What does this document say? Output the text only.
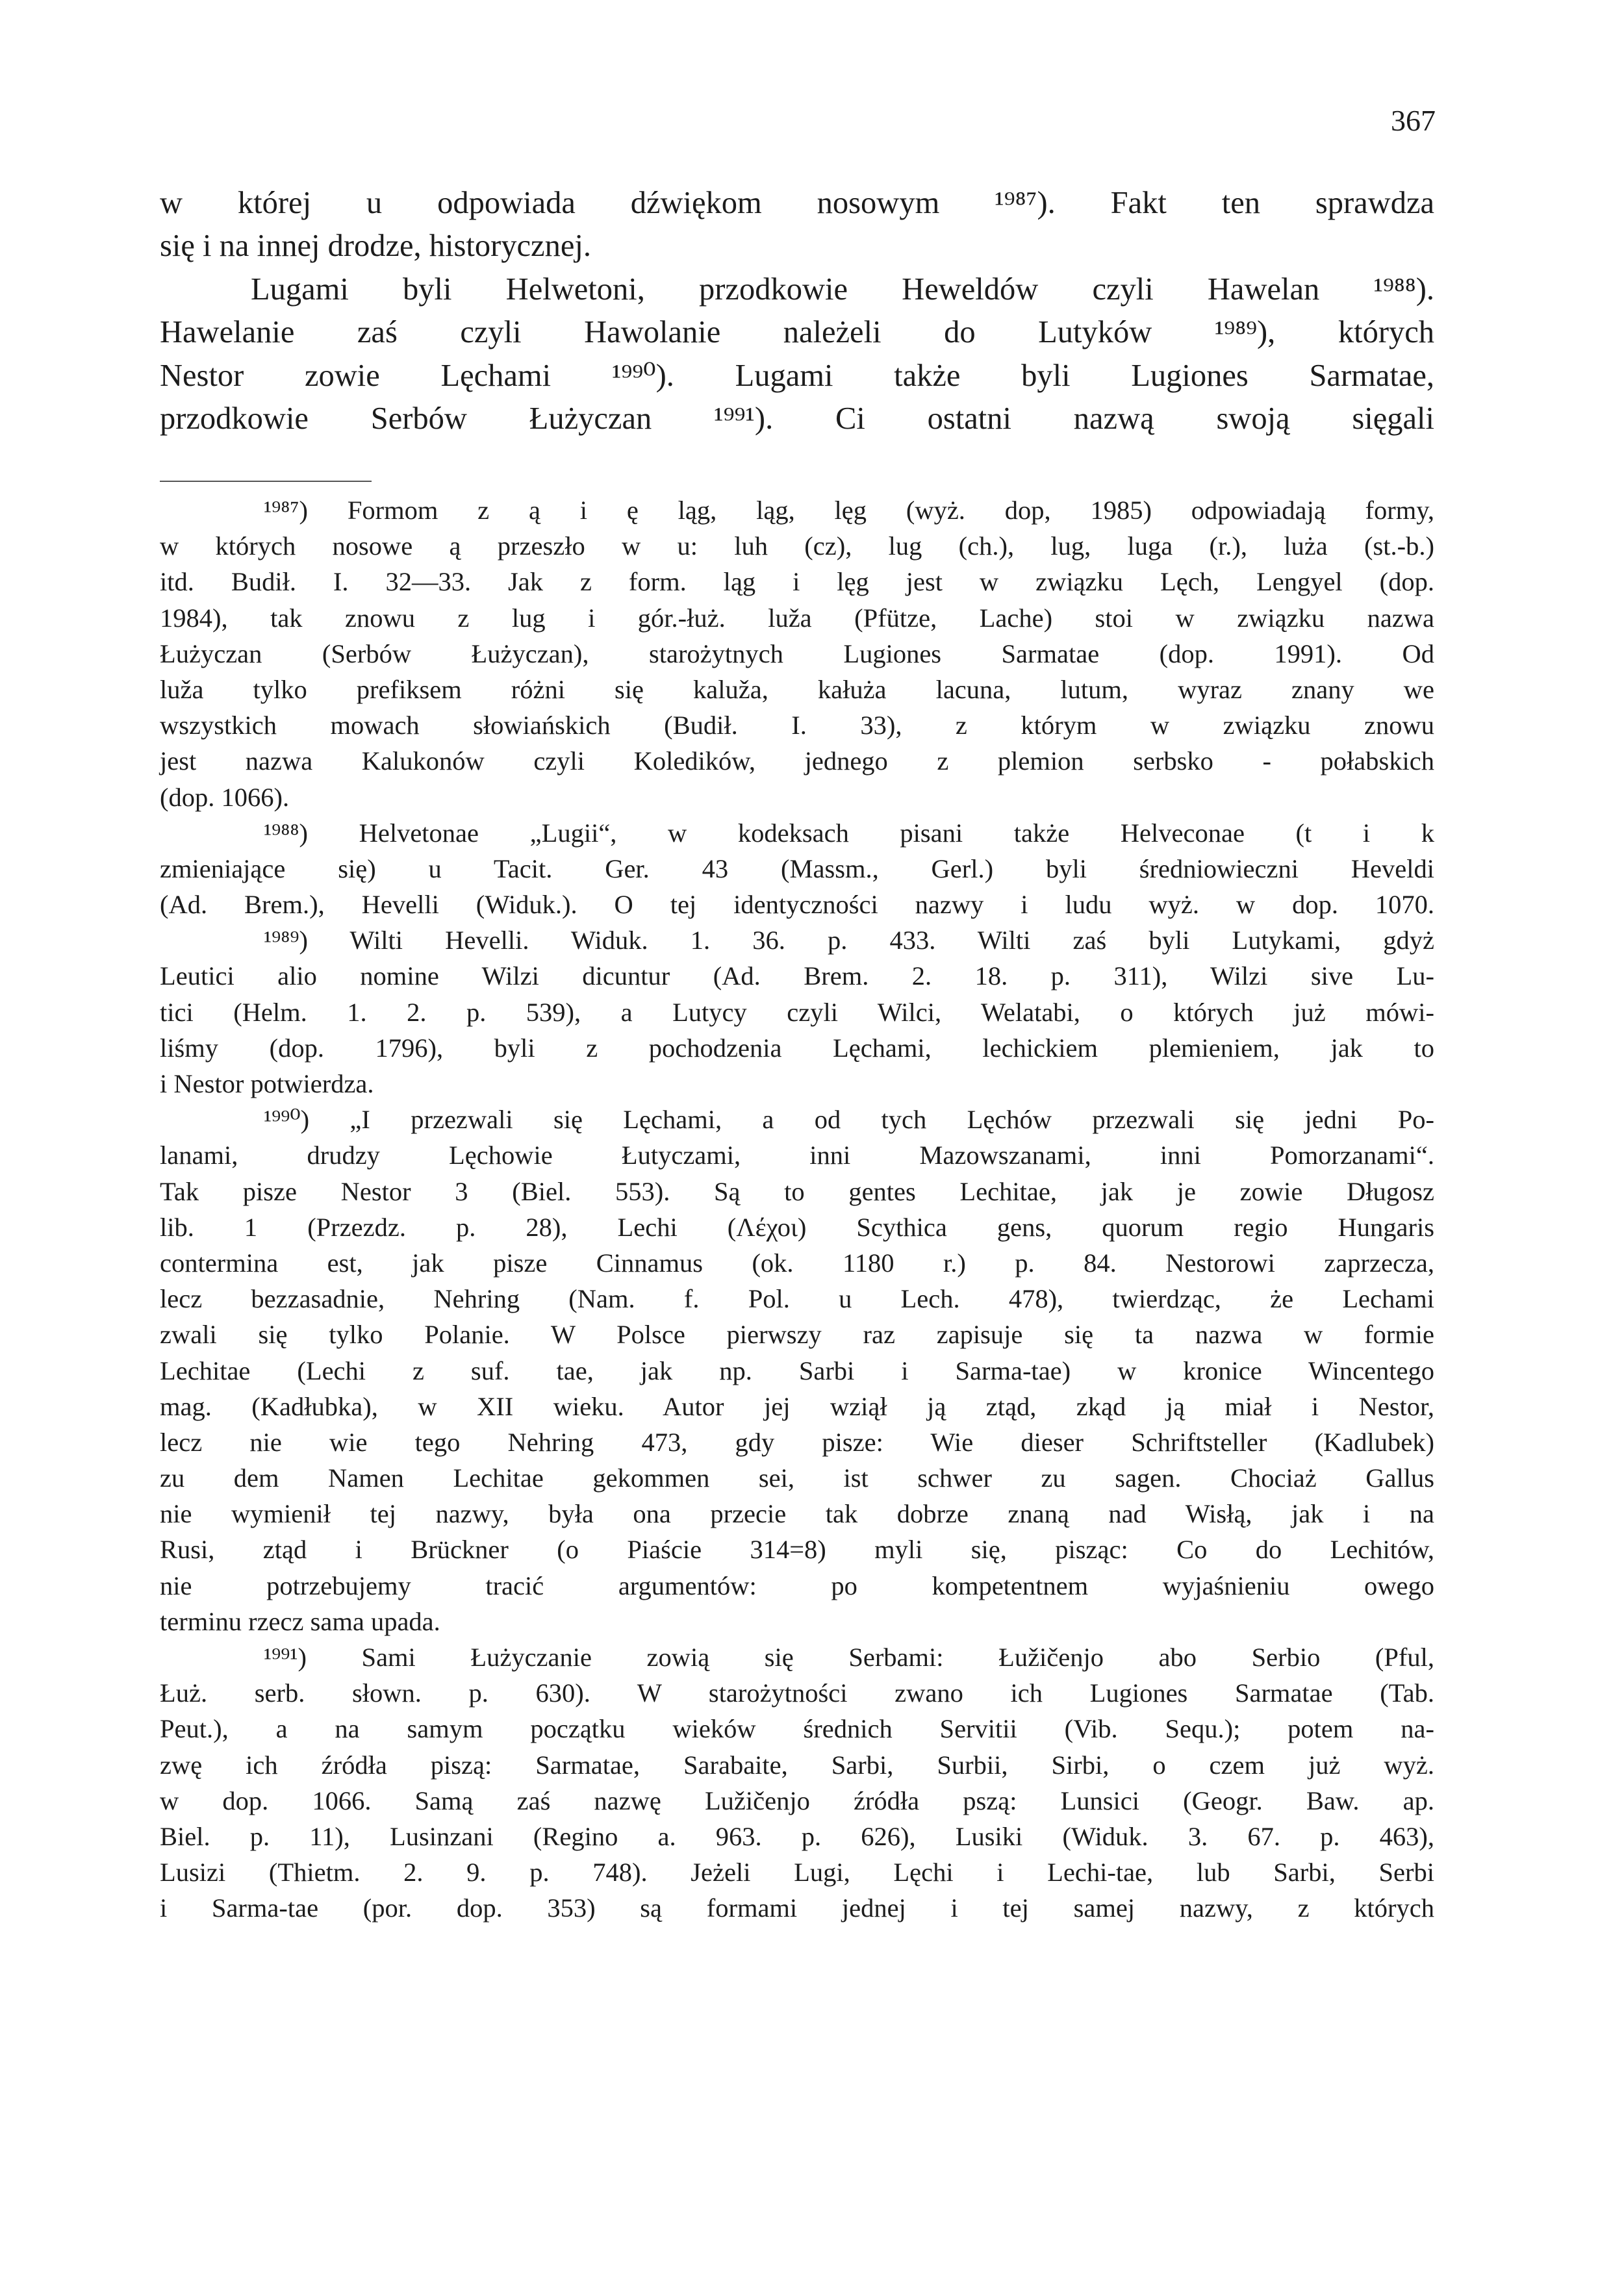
367
w której u odpowiada dźwiękom nosowym ¹⁹⁸⁷). Fakt ten sprawdza
się i na innej drodze, historycznej.
Lugami byli Helwetoni, przodkowie Heweldów czyli Hawelan ¹⁹⁸⁸).
Hawelanie zaś czyli Hawolanie należeli do Lutyków ¹⁹⁸⁹), których
Nestor zowie Lęchami ¹⁹⁹⁰). Lugami także byli Lugiones Sarmatae,
przodkowie Serbów Łużyczan ¹⁹⁹¹). Ci ostatni nazwą swoją sięgali
¹⁹⁸⁷) Formom z ą i ę ląg, ląg, lęg (wyż. dop, 1985) odpowiadają formy,
w których nosowe ą przeszło w u: luh (cz), lug (ch.), lug, luga (r.), luża (st.-b.)
itd. Budił. I. 32—33. Jak z form. ląg i lęg jest w związku Lęch, Lengyel (dop.
1984), tak znowu z lug i gór.-łuż. luža (Pfütze, Lache) stoi w związku nazwa
Łużyczan (Serbów Łużyczan), starożytnych Lugiones Sarmatae (dop. 1991). Od
luža tylko prefiksem różni się kaluža, kałuża lacuna, lutum, wyraz znany we
wszystkich mowach słowiańskich (Budił. I. 33), z którym w związku znowu
jest nazwa Kalukonów czyli Koledików, jednego z plemion serbsko - połabskich
(dop. 1066).
¹⁹⁸⁸) Helvetonae „Lugii“, w kodeksach pisani także Helveconae (t i k
zmieniające się) u Tacit. Ger. 43 (Massm., Gerl.) byli średniowieczni Heveldi
(Ad. Brem.), Hevelli (Widuk.). O tej identyczności nazwy i ludu wyż. w dop. 1070.
¹⁹⁸⁹) Wilti Hevelli. Widuk. 1. 36. p. 433. Wilti zaś byli Lutykami, gdyż
Leutici alio nomine Wilzi dicuntur (Ad. Brem. 2. 18. p. 311), Wilzi sive Lu-
tici (Helm. 1. 2. p. 539), a Lutycy czyli Wilci, Welatabi, o których już mówi-
liśmy (dop. 1796), byli z pochodzenia Lęchami, lechickiem plemieniem, jak to
i Nestor potwierdza.
¹⁹⁹⁰) „I przezwali się Lęchami, a od tych Lęchów przezwali się jedni Po-
lanami, drudzy Lęchowie Łutyczami, inni Mazowszanami, inni Pomorzanami“.
Tak pisze Nestor 3 (Biel. 553). Są to gentes Lechitae, jak je zowie Długosz
lib. 1 (Przezdz. p. 28), Lechi (Λέχοι) Scythica gens, quorum regio Hungaris
contermina est, jak pisze Cinnamus (ok. 1180 r.) p. 84. Nestorowi zaprzecza,
lecz bezzasadnie, Nehring (Nam. f. Pol. u Lech. 478), twierdząc, że Lechami
zwali się tylko Polanie. W Polsce pierwszy raz zapisuje się ta nazwa w formie
Lechitae (Lechi z suf. tae, jak np. Sarbi i Sarma-tae) w kronice Wincentego
mag. (Kadłubka), w XII wieku. Autor jej wziął ją ztąd, zkąd ją miał i Nestor,
lecz nie wie tego Nehring 473, gdy pisze: Wie dieser Schriftsteller (Kadlubek)
zu dem Namen Lechitae gekommen sei, ist schwer zu sagen. Chociaż Gallus
nie wymienił tej nazwy, była ona przecie tak dobrze znaną nad Wisłą, jak i na
Rusi, ztąd i Brückner (o Piaście 314=8) myli się, pisząc: Co do Lechitów,
nie potrzebujemy tracić argumentów: po kompetentnem wyjaśnieniu owego
terminu rzecz sama upada.
¹⁹⁹¹) Sami Łużyczanie zowią się Serbami: Łužičenjo abo Serbio (Pful,
Łuż. serb. słown. p. 630). W starożytności zwano ich Lugiones Sarmatae (Tab.
Peut.), a na samym początku wieków średnich Servitii (Vib. Sequ.); potem na-
zwę ich źródła piszą: Sarmatae, Sarabaite, Sarbi, Surbii, Sirbi, o czem już wyż.
w dop. 1066. Samą zaś nazwę Lužičenjo źródła pszą: Lunsici (Geogr. Baw. ap.
Biel. p. 11), Lusinzani (Regino a. 963. p. 626), Lusiki (Widuk. 3. 67. p. 463),
Lusizi (Thietm. 2. 9. p. 748). Jeżeli Lugi, Lęchi i Lechi-tae, lub Sarbi, Serbi
i Sarma-tae (por. dop. 353) są formami jednej i tej samej nazwy, z których
